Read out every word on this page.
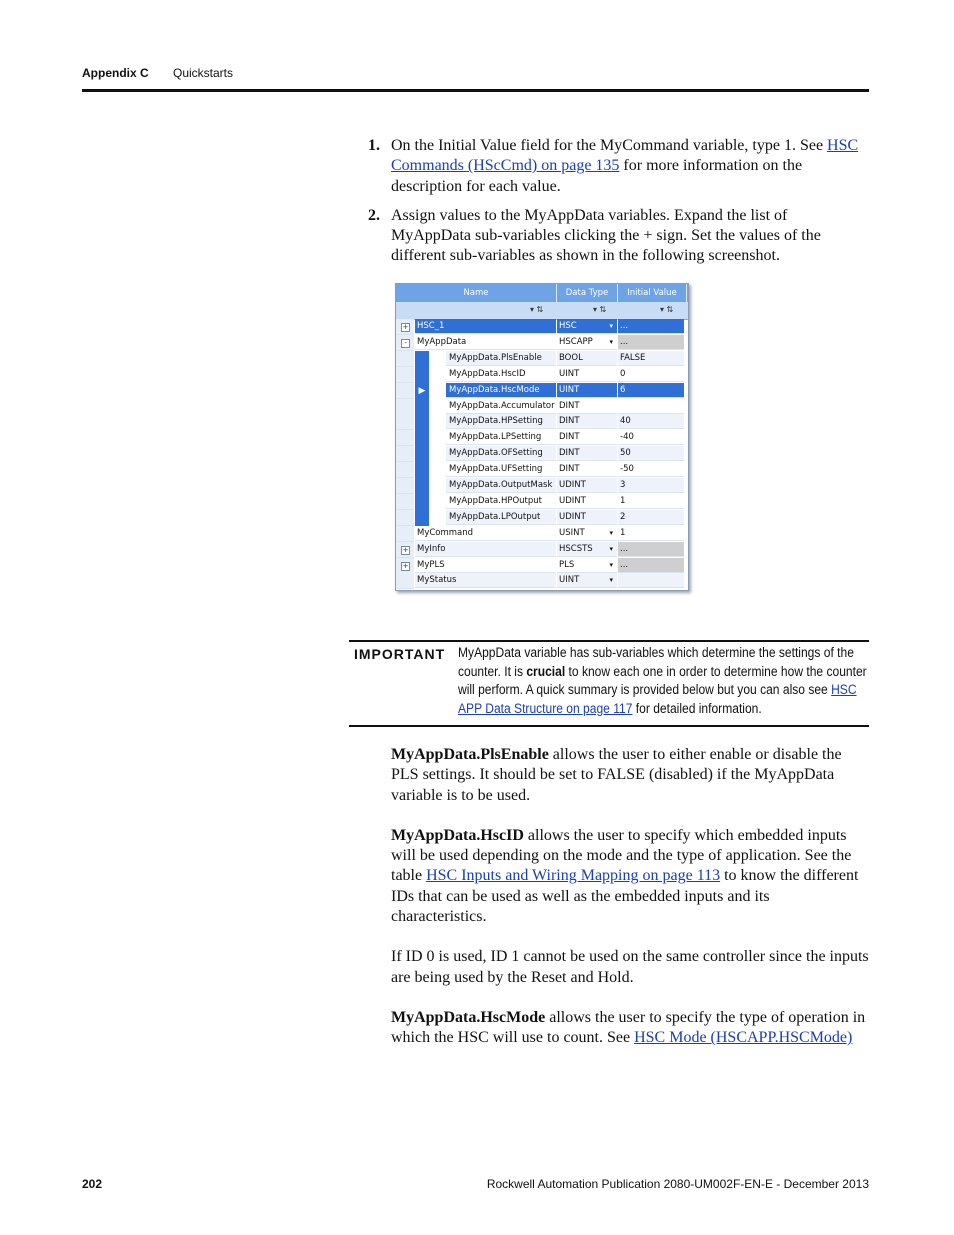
Appendix C Quickstarts
1. On the Initial Value field for the MyCommand variable, type 1. See HSC Commands (HScCmd) on page 135 for more information on the description for each value.
2. Assign values to the MyAppData variables. Expand the list of MyAppData sub-variables clicking the + sign. Set the values of the different sub-variables as shown in the following screenshot.
Name	Data Type	Initial Value
▾ ⇅	▾ ⇅	▾ ⇅
+ HSC_1	HSC	▾ ...
-	MyAppData	HSCAPP ▾ ...
MyAppData.PlsEnable	BOOL	FALSE
MyAppData.HscID	UINT	0
▶	MyAppData.HscMode	UINT	6
MyAppData.Accumulator DINT
MyAppData.HPSetting	DINT	40
MyAppData.LPSetting	DINT	-40
MyAppData.OFSetting	DINT	50
MyAppData.UFSetting	DINT	-50
MyAppData.OutputMask UDINT	3
MyAppData.HPOutput	UDINT	1
MyAppData.LPOutput	UDINT	2
MyCommand	USINT	▾ 1
+ MyInfo	HSCSTS ▾ ...
+ MyPLS	PLS	▾ ...
MyStatus	UINT	▾
IMPORTANT MyAppData variable has sub-variables which determine the settings of the counter. It is crucial to know each one in order to determine how the counter will perform. A quick summary is provided below but you can also see HSC APP Data Structure on page 117 for detailed information.

MyAppData.PlsEnable allows the user to either enable or disable the PLS settings. It should be set to FALSE (disabled) if the MyAppData variable is to be used.

MyAppData.HscID allows the user to specify which embedded inputs will be used depending on the mode and the type of application. See the table HSC Inputs and Wiring Mapping on page 113 to know the different IDs that can be used as well as the embedded inputs and its characteristics.

If ID 0 is used, ID 1 cannot be used on the same controller since the inputs are being used by the Reset and Hold.

MyAppData.HscMode allows the user to specify the type of operation in which the HSC will use to count. See HSC Mode (HSCAPP.HSCMode)

202	Rockwell Automation Publication 2080-UM002F-EN-E - December 2013
